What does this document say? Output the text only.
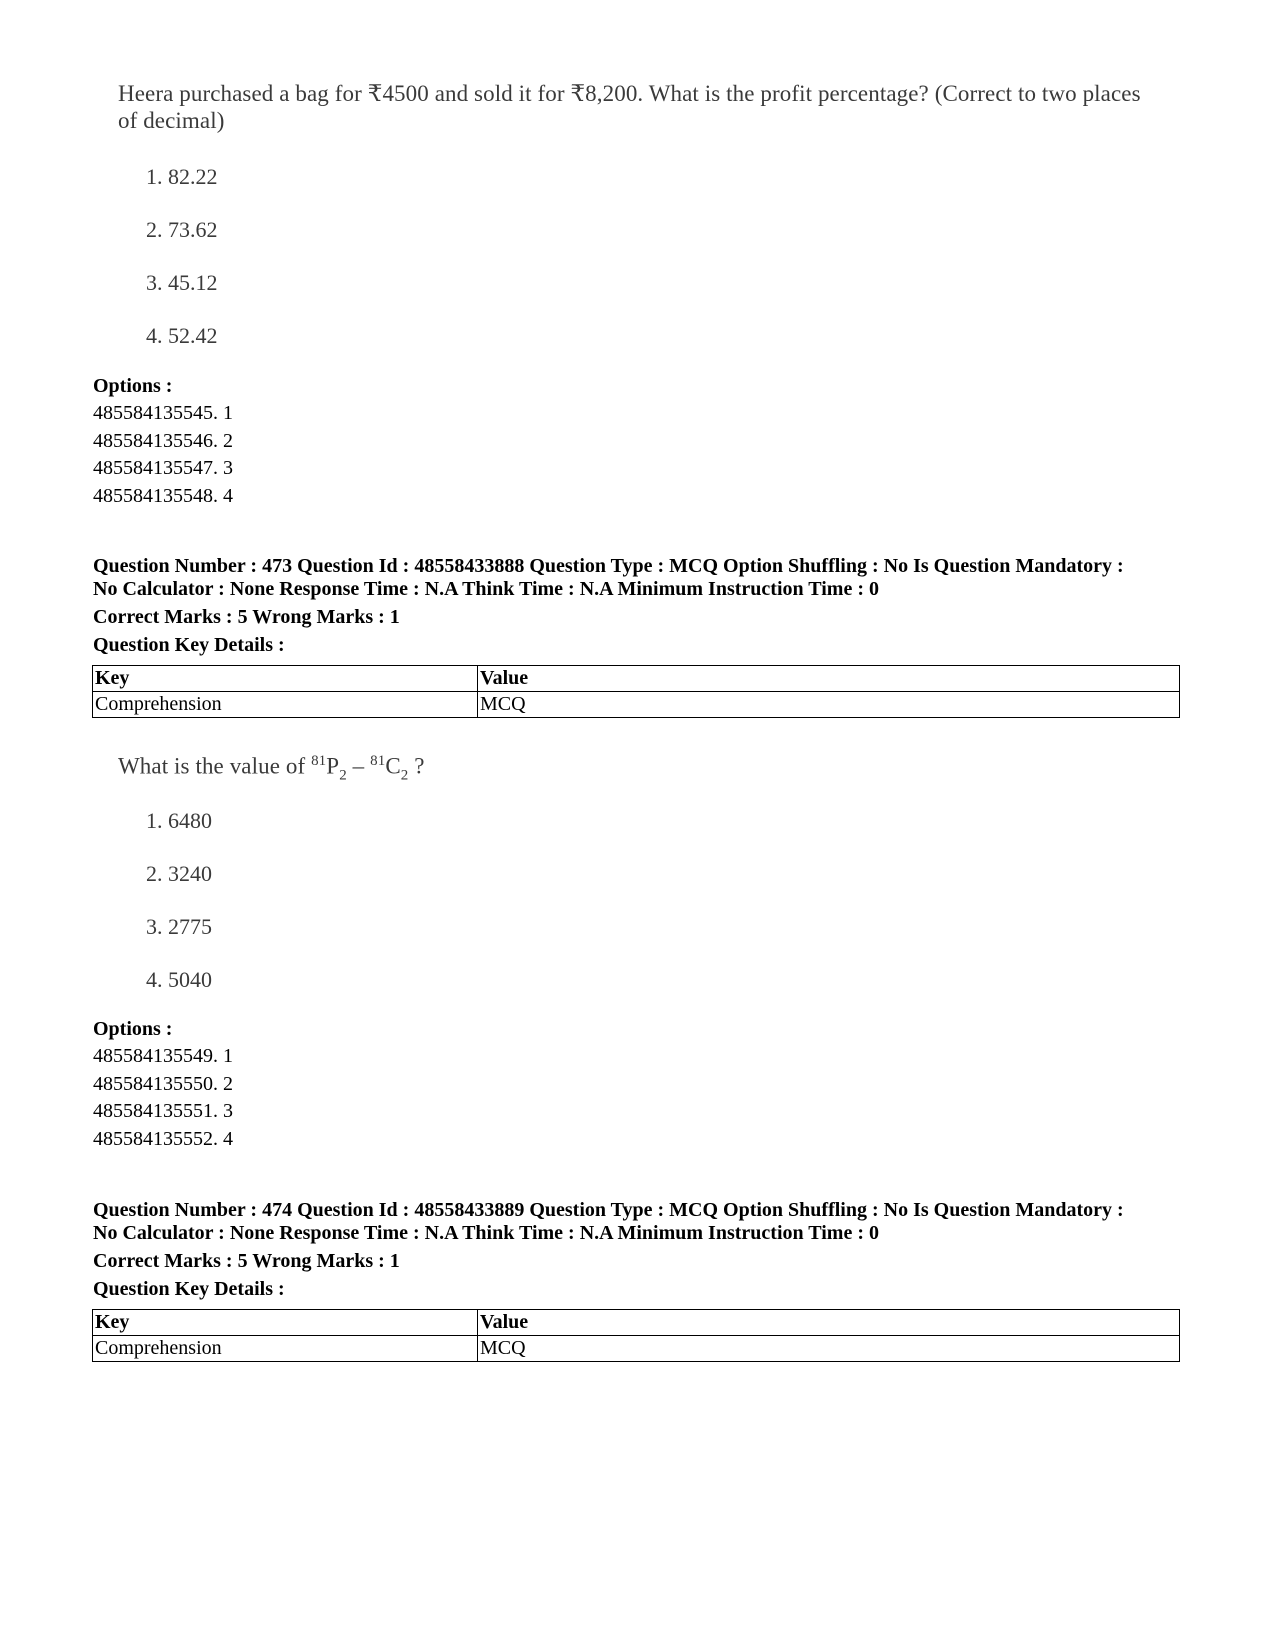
Heera purchased a bag for ₹4500 and sold it for ₹8,200. What is the profit percentage? (Correct to two places
of decimal)
1. 82.22
2. 73.62
3. 45.12
4. 52.42
Options :
485584135545. 1
485584135546. 2
485584135547. 3
485584135548. 4
Question Number : 473 Question Id : 48558433888 Question Type : MCQ Option Shuffling : No Is Question Mandatory :
No Calculator : None Response Time : N.A Think Time : N.A Minimum Instruction Time : 0
Correct Marks : 5 Wrong Marks : 1
Question Key Details :
Key	Value
Comprehension	MCQ
What is the value of $^{81}P_2 - ^{81}C_2$ ?
1. 6480
2. 3240
3. 2775
4. 5040
Options :
485584135549. 1
485584135550. 2
485584135551. 3
485584135552. 4
Question Number : 474 Question Id : 48558433889 Question Type : MCQ Option Shuffling : No Is Question Mandatory :
No Calculator : None Response Time : N.A Think Time : N.A Minimum Instruction Time : 0
Correct Marks : 5 Wrong Marks : 1
Question Key Details :
Key	Value
Comprehension	MCQ
